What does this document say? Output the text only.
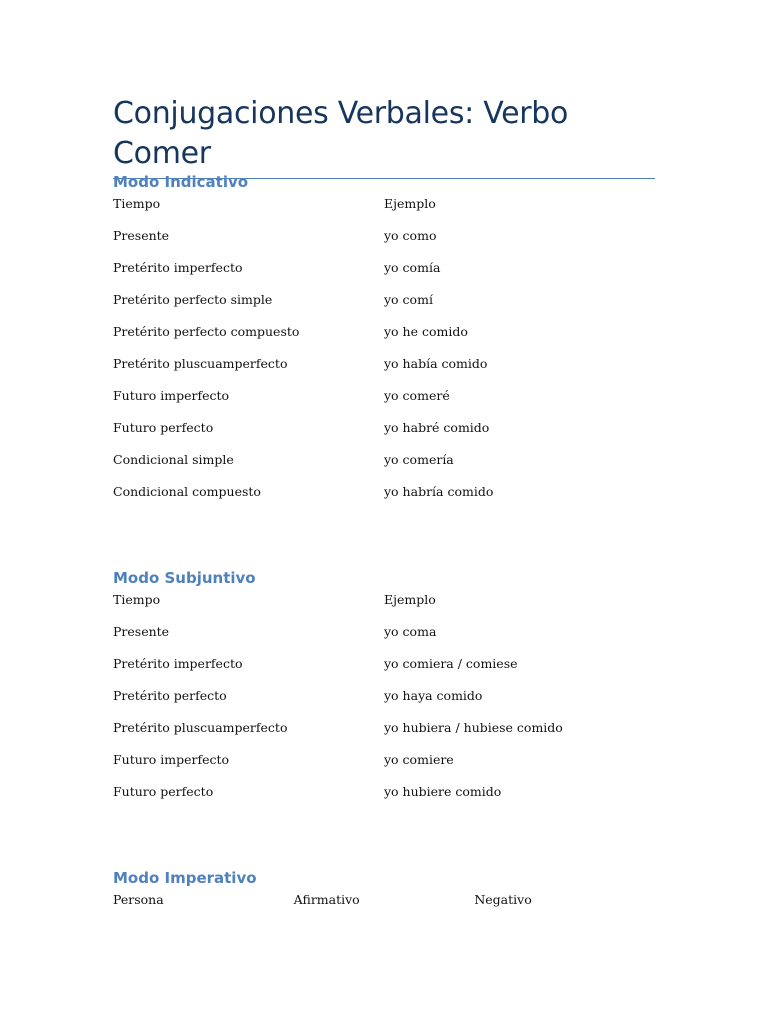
Conjugaciones Verbales: Verbo Comer
Modo Indicativo
Tiempo	Ejemplo
Presente	yo como
Pretérito imperfecto	yo comía
Pretérito perfecto simple	yo comí
Pretérito perfecto compuesto	yo he comido
Pretérito pluscuamperfecto	yo había comido
Futuro imperfecto	yo comeré
Futuro perfecto	yo habré comido
Condicional simple	yo comería
Condicional compuesto	yo habría comido
Modo Subjuntivo
Tiempo	Ejemplo
Presente	yo coma
Pretérito imperfecto	yo comiera / comiese
Pretérito perfecto	yo haya comido
Pretérito pluscuamperfecto	yo hubiera / hubiese comido
Futuro imperfecto	yo comiere
Futuro perfecto	yo hubiere comido
Modo Imperativo
Persona	Afirmativo	Negativo
